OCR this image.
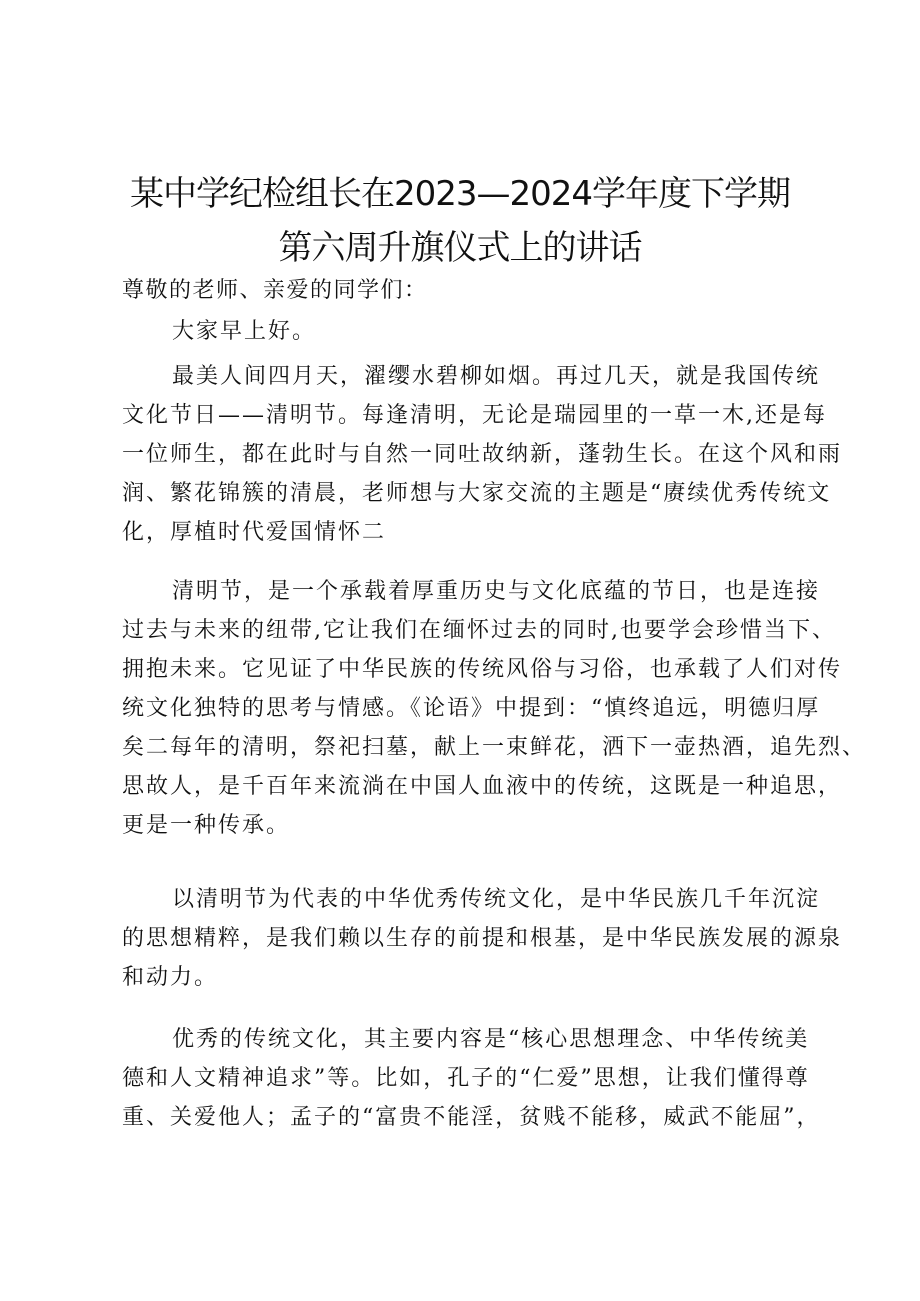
某中学纪检组长在2023—2024学年度下学期
第六周升旗仪式上的讲话
尊敬的老师、亲爱的同学们：
大家早上好。
最美人间四月天，濯缨水碧柳如烟。再过几天，就是我国传统
文化节日——清明节。每逢清明，无论是瑞园里的一草一木,还是每
一位师生，都在此时与自然一同吐故纳新，蓬勃生长。在这个风和雨
润、繁花锦簇的清晨，老师想与大家交流的主题是“赓续优秀传统文
化，厚植时代爱国情怀二
清明节，是一个承载着厚重历史与文化底蕴的节日，也是连接
过去与未来的纽带,它让我们在缅怀过去的同时,也要学会珍惜当下、
拥抱未来。它见证了中华民族的传统风俗与习俗，也承载了人们对传
统文化独特的思考与情感。《论语》中提到：“慎终追远，明德归厚
矣二每年的清明，祭祀扫墓，献上一束鲜花，洒下一壶热酒，追先烈、
思故人，是千百年来流淌在中国人血液中的传统，这既是一种追思，
更是一种传承。
以清明节为代表的中华优秀传统文化，是中华民族几千年沉淀
的思想精粹，是我们赖以生存的前提和根基，是中华民族发展的源泉
和动力。
优秀的传统文化，其主要内容是“核心思想理念、中华传统美
德和人文精神追求”等。比如，孔子的“仁爱”思想，让我们懂得尊
重、关爱他人；孟子的“富贵不能淫，贫贱不能移，威武不能屈”，
